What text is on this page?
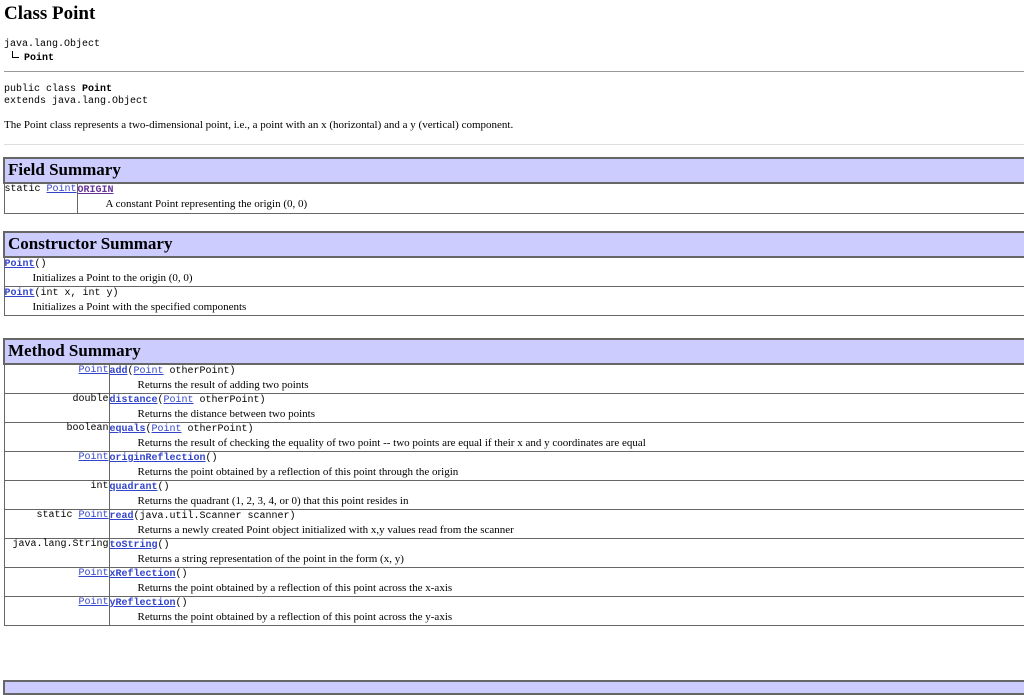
Class Point
java.lang.Object
Point
public class Point
extends java.lang.Object
The Point class represents a two-dimensional point, i.e., a point with an x (horizontal) and a y (vertical) component.
Field Summary
static Point	ORIGIN
A constant Point representing the origin (0, 0)
Constructor Summary

Point()
Initializes a Point to the origin (0, 0)

Point(int x, int y)
Initializes a Point with the specified components
Method Summary	
Point	add(Point otherPoint)
Returns the result of adding two points

double	distance(Point otherPoint)
Returns the distance between two points

boolean	equals(Point otherPoint)
Returns the result of checking the equality of two point -- two points are equal if their x and y coordinates are equal

Point	originReflection()
Returns the point obtained by a reflection of this point through the origin

int	quadrant()
Returns the quadrant (1, 2, 3, 4, or 0) that this point resides in

static Point	read(java.util.Scanner scanner)
Returns a newly created Point object initialized with x,y values read from the scanner

java.lang.String	toString()
Returns a string representation of the point in the form (x, y)

Point	xReflection()
Returns the point obtained by a reflection of this point across the x-axis

Point	yReflection()
Returns the point obtained by a reflection of this point across the y-axis
